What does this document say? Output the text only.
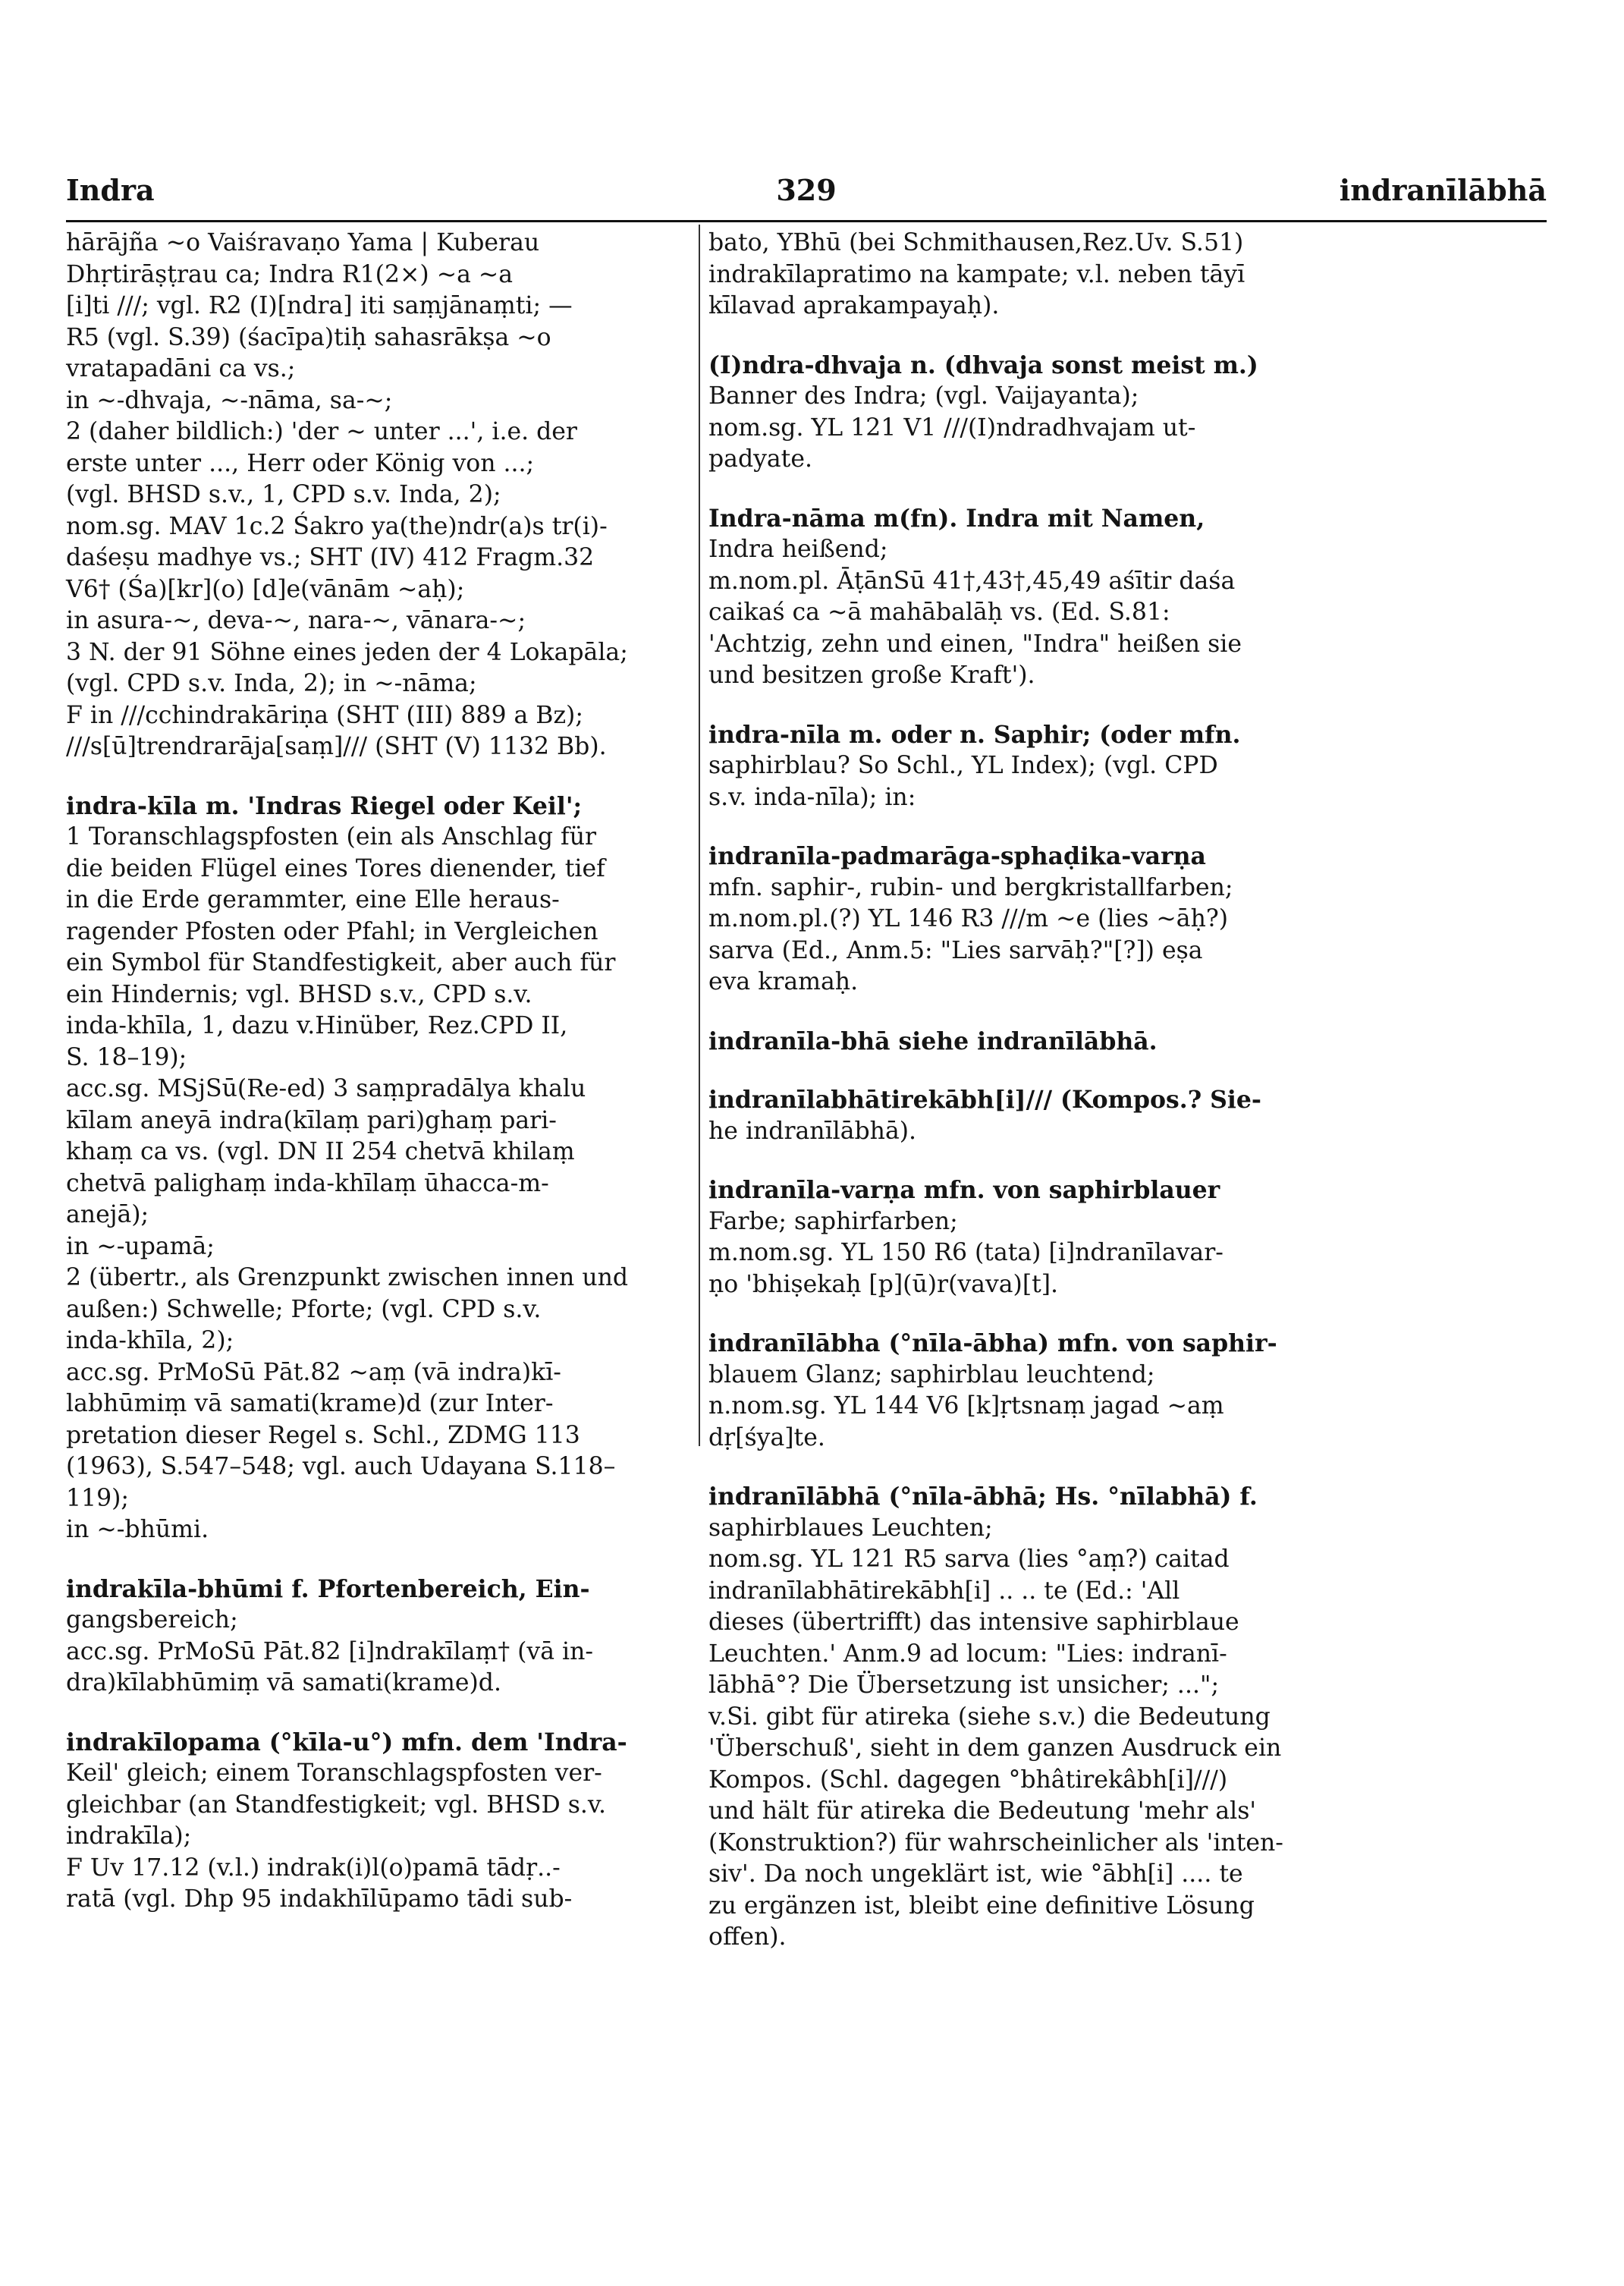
329
Indra	indranīlābhā
hārājña ~o Vaiśravaṇo Yama | Kuberau
Dhṛtirāṣṭrau ca; Indra R1(2×) ~a ~a
[i]ti ///; vgl. R2 (I)[ndra] iti saṃjānaṃti; —
R5 (vgl. S.39) (śacīpa)tiḥ sahasrākṣa ~o
vratapadāni ca vs.;
in ~-dhvaja, ~-nāma, sa-~;
2 (daher bildlich:) 'der ~ unter ...', i.e. der
erste unter ..., Herr oder König von ...;
(vgl. BHSD s.v., 1, CPD s.v. Inda, 2);
nom.sg. MAV 1c.2 Śakro ya(the)ndr(a)s tr(i)-
daśeṣu madhye vs.; SHT (IV) 412 Fragm.32
V6† (Śa)[kr](o) [d]e(vānām ~aḥ);
in asura-~, deva-~, nara-~, vānara-~;
3 N. der 91 Söhne eines jeden der 4 Lokapāla;
(vgl. CPD s.v. Inda, 2); in ~-nāma;
F in ///cchindrakāriṇa (SHT (III) 889 a Bz);
///s[ū]trendrarāja[saṃ]/// (SHT (V) 1132 Bb).
indra-kīla m. 'Indras Riegel oder Keil';
1 Toranschlagspfosten (ein als Anschlag für
die beiden Flügel eines Tores dienender, tief
in die Erde gerammter, eine Elle heraus-
ragender Pfosten oder Pfahl; in Vergleichen
ein Symbol für Standfestigkeit, aber auch für
ein Hindernis; vgl. BHSD s.v., CPD s.v.
inda-khīla, 1, dazu v.Hinüber, Rez.CPD II,
S. 18–19);
acc.sg. MSjSū(Re-ed) 3 saṃpradālya khalu
kīlam aneyā indra(kīlaṃ pari)ghaṃ pari-
khaṃ ca vs. (vgl. DN II 254 chetvā khilaṃ
chetvā palighaṃ inda-khīlaṃ ūhacca-m-
anejā);
in ~-upamā;
2 (übertr., als Grenzpunkt zwischen innen und
außen:) Schwelle; Pforte; (vgl. CPD s.v.
inda-khīla, 2);
acc.sg. PrMoSū Pāt.82 ~aṃ (vā indra)kī-
labhūmiṃ vā samati(krame)d (zur Inter-
pretation dieser Regel s. Schl., ZDMG 113
(1963), S.547–548; vgl. auch Udayana S.118–
119);
in ~-bhūmi.
indrakīla-bhūmi f. Pfortenbereich, Ein-
gangsbereich;
acc.sg. PrMoSū Pāt.82 [i]ndrakīlaṃ† (vā in-
dra)kīlabhūmiṃ vā samati(krame)d.
indrakīlopama (°kīla-u°) mfn. dem 'Indra-
Keil' gleich; einem Toranschlagspfosten ver-
gleichbar (an Standfestigkeit; vgl. BHSD s.v.
indrakīla);
F Uv 17.12 (v.l.) indrak(i)l(o)pamā tādṛ..-
ratā (vgl. Dhp 95 indakhīlūpamo tādi sub-
bato, YBhū (bei Schmithausen,Rez.Uv. S.51)
indrakīlapratimo na kampate; v.l. neben tāyī
kīlavad aprakampayaḥ).
(I)ndra-dhvaja n. (dhvaja sonst meist m.)
Banner des Indra; (vgl. Vaijayanta);
nom.sg. YL 121 V1 ///(I)ndradhvajam ut-
padyate.
Indra-nāma m(fn). Indra mit Namen,
Indra heißend;
m.nom.pl. ĀṭānSū 41†,43†,45,49 aśītir daśa
caikaś ca ~ā mahābalāḥ vs. (Ed. S.81:
'Achtzig, zehn und einen, "Indra" heißen sie
und besitzen große Kraft').
indra-nīla m. oder n. Saphir; (oder mfn.
saphirblau? So Schl., YL Index); (vgl. CPD
s.v. inda-nīla); in:
indranīla-padmarāga-sphaḍika-varṇa
mfn. saphir-, rubin- und bergkristallfarben;
m.nom.pl.(?) YL 146 R3 ///m ~e (lies ~āḥ?)
sarva (Ed., Anm.5: "Lies sarvāḥ?"[?]) eṣa
eva kramaḥ.
indranīla-bhā siehe indranīlābhā.
indranīlabhātirekābh[i]/// (Kompos.? Sie-
he indranīlābhā).
indranīla-varṇa mfn. von saphirblauer
Farbe; saphirfarben;
m.nom.sg. YL 150 R6 (tata) [i]ndranīlavar-
ṇo 'bhiṣekaḥ [p](ū)r(vava)[t].
indranīlābha (°nīla-ābha) mfn. von saphir-
blauem Glanz; saphirblau leuchtend;
n.nom.sg. YL 144 V6 [k]ṛtsnaṃ jagad ~aṃ
dṛ[śya]te.
indranīlābhā (°nīla-ābhā; Hs. °nīlabhā) f.
saphirblaues Leuchten;
nom.sg. YL 121 R5 sarva (lies °aṃ?) caitad
indranīlabhātirekābh[i] .. .. te (Ed.: 'All
dieses (übertrifft) das intensive saphirblaue
Leuchten.' Anm.9 ad locum: "Lies: indranī-
lābhā°? Die Übersetzung ist unsicher; ...";
v.Si. gibt für atireka (siehe s.v.) die Bedeutung
'Überschuß', sieht in dem ganzen Ausdruck ein
Kompos. (Schl. dagegen °bhâtirekâbh[i]///)
und hält für atireka die Bedeutung 'mehr als'
(Konstruktion?) für wahrscheinlicher als 'inten-
siv'. Da noch ungeklärt ist, wie °ābh[i] .... te
zu ergänzen ist, bleibt eine definitive Lösung
offen).
